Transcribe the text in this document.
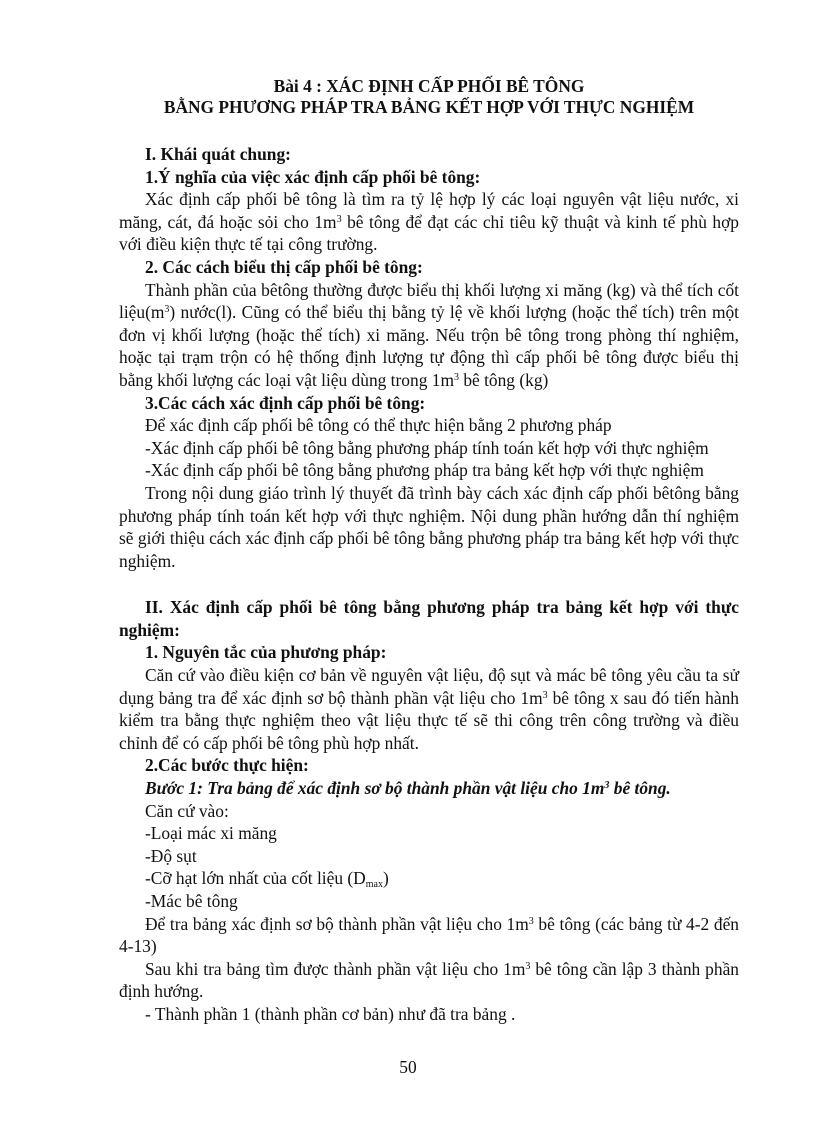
Bài 4 : XÁC ĐỊNH CẤP PHỐI BÊ TÔNG

BẰNG PHƯƠNG PHÁP TRA BẢNG KẾT HỢP VỚI THỰC NGHIỆM

I. Khái quát chung:

1.Ý nghĩa của việc xác định cấp phối bê tông:

Xác định cấp phối bê tông là tìm ra tỷ lệ hợp lý các loại nguyên vật liệu nước, xi măng, cát, đá hoặc sỏi cho $1m^3$ bê tông để đạt các chỉ tiêu kỹ thuật và kinh tế phù hợp với điều kiện thực tế tại công trường.

2. Các cách biểu thị cấp phối bê tông:

Thành phần của bêtông thường được biểu thị khối lượng xi măng (kg) và thể tích cốt $liệu(m^3)$ nước(l). Cũng có thể biểu thị bằng tỷ lệ về khối lượng (hoặc thể tích) trên một đơn vị khối lượng (hoặc thể tích) xi măng. Nếu trộn bê tông trong phòng thí nghiệm, hoặc tại trạm trộn có hệ thống định lượng tự động thì cấp phối bê tông được biểu thị bằng khối lượng các loại vật liệu dùng trong $1m^3$ bê tông (kg)

3.Các cách xác định cấp phối bê tông:

Để xác định cấp phối bê tông có thể thực hiện bằng 2 phương pháp

-Xác định cấp phối bê tông bằng phương pháp tính toán kết hợp với thực nghiệm

-Xác định cấp phối bê tông bằng phương pháp tra bảng kết hợp với thực nghiệm

Trong nội dung giáo trình lý thuyết đã trình bày cách xác định cấp phối bêtông bằng phương pháp tính toán kết hợp với thực nghiệm. Nội dung phần hướng dẫn thí nghiệm sẽ giới thiệu cách xác định cấp phối bê tông bằng phương pháp tra bảng kết hợp với thực nghiệm.

II. Xác định cấp phối bê tông bằng phương pháp tra bảng kết hợp với thực nghiệm:

1. Nguyên tắc của phương pháp:

Căn cứ vào điều kiện cơ bản về nguyên vật liệu, độ sụt và mác bê tông yêu cầu ta sử dụng bảng tra để xác định sơ bộ thành phần vật liệu cho $1m^3$ bê tông x sau đó tiến hành kiểm tra bằng thực nghiệm theo vật liệu thực tế sẽ thi công trên công trường và điều chỉnh để có cấp phối bê tông phù hợp nhất.

2.Các bước thực hiện:

Bước 1: Tra bảng để xác định sơ bộ thành phần vật liệu cho $1m^3$ bê tông.

Căn cứ vào:

-Loại mác xi măng

-Độ sụt

-Cỡ hạt lớn nhất của cốt liệu $(D_{max})$

-Mác bê tông

Để tra bảng xác định sơ bộ thành phần vật liệu cho $1m^3$ bê tông (các bảng từ 4-2 đến 4-13)

Sau khi tra bảng tìm được thành phần vật liệu cho $1m^3$ bê tông cần lập 3 thành phần định hướng.

- Thành phần 1 (thành phần cơ bản) như đã tra bảng .

50
